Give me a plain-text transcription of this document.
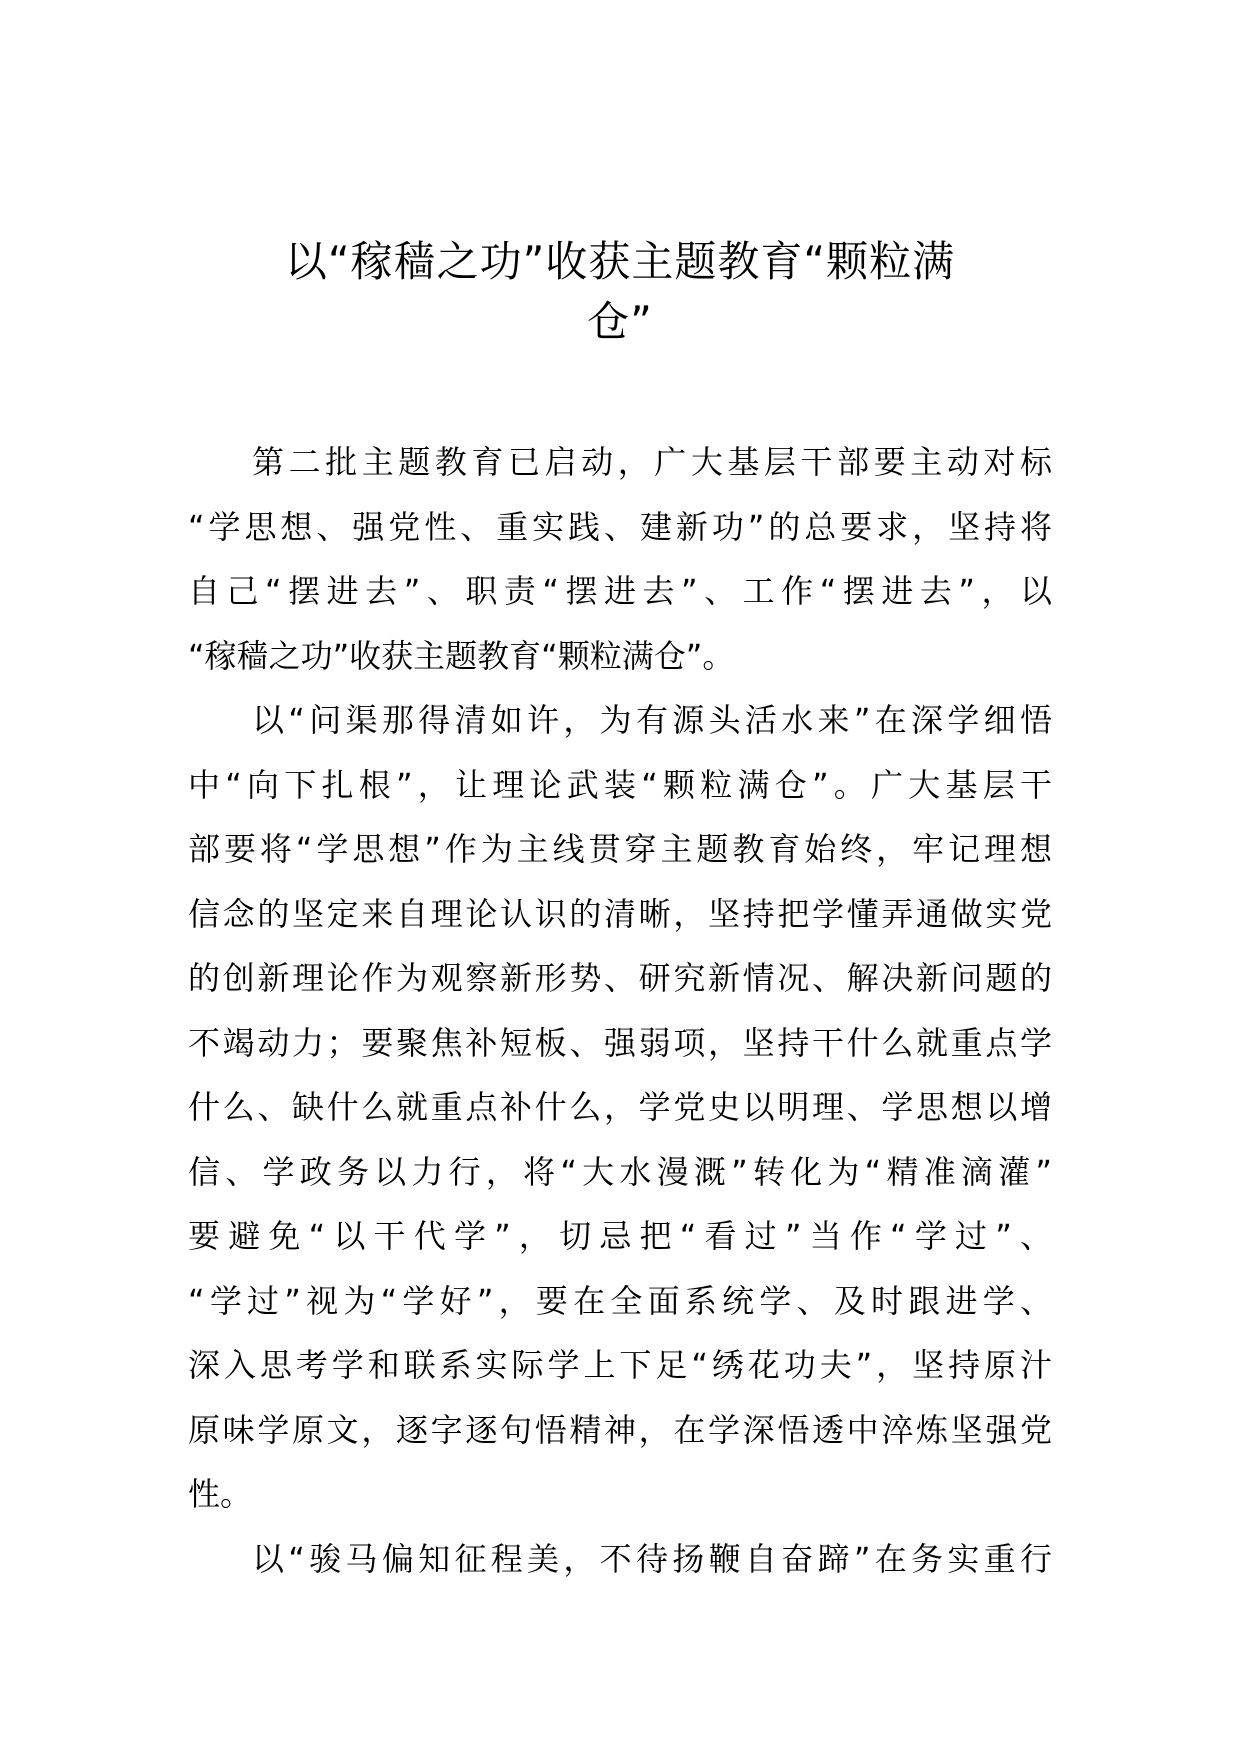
以“稼穑之功”收获主题教育“颗粒满
仓”
第二批主题教育已启动，广大基层干部要主动对标
“学思想、强党性、重实践、建新功”的总要求，坚持将
自己“摆进去”、职责“摆进去”、工作“摆进去”，以
“稼穑之功”收获主题教育“颗粒满仓”。
以“问渠那得清如许，为有源头活水来”在深学细悟
中“向下扎根”，让理论武装“颗粒满仓”。广大基层干
部要将“学思想”作为主线贯穿主题教育始终，牢记理想
信念的坚定来自理论认识的清晰，坚持把学懂弄通做实党
的创新理论作为观察新形势、研究新情况、解决新问题的
不竭动力；要聚焦补短板、强弱项，坚持干什么就重点学
什么、缺什么就重点补什么，学党史以明理、学思想以增
信、学政务以力行，将“大水漫溉”转化为“精准滴灌”
要避免“以干代学”，切忌把“看过”当作“学过”、
“学过”视为“学好”，要在全面系统学、及时跟进学、
深入思考学和联系实际学上下足“绣花功夫”，坚持原汁
原味学原文，逐字逐句悟精神，在学深悟透中淬炼坚强党
性。
以“骏马偏知征程美，不待扬鞭自奋蹄”在务实重行
